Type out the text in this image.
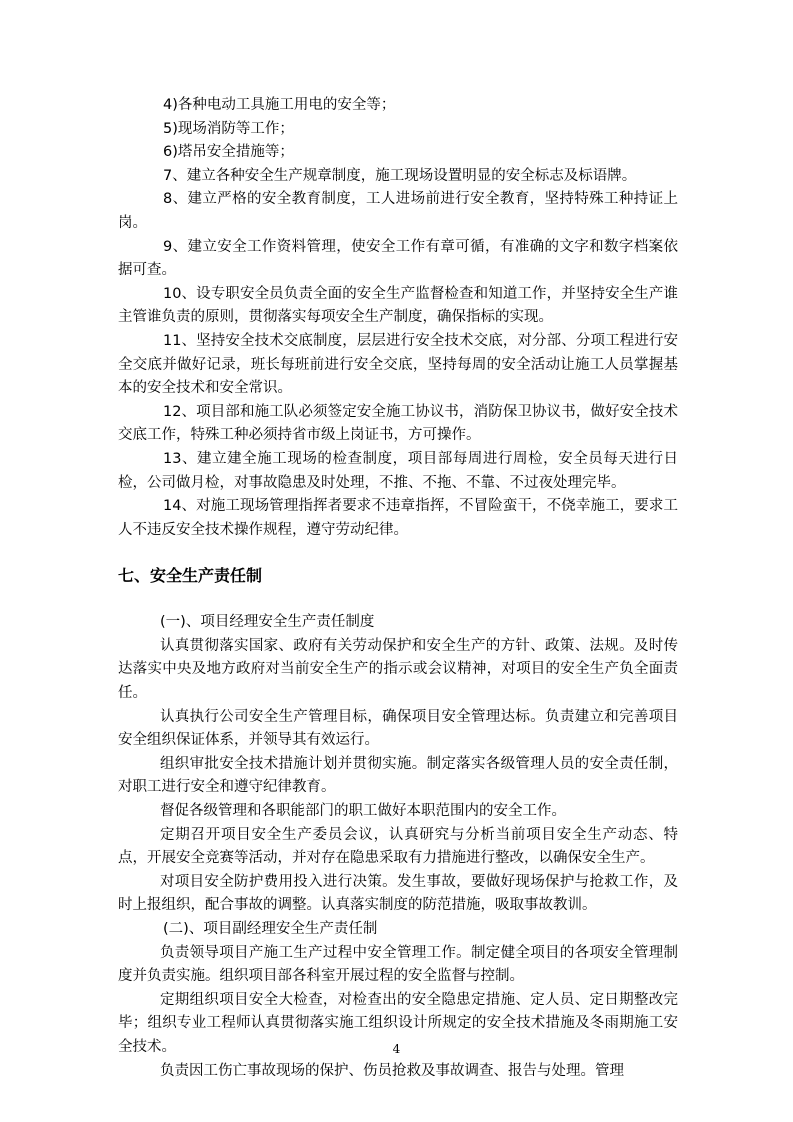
4)各种电动工具施工用电的安全等；

5)现场消防等工作；

6)塔吊安全措施等；

7、建立各种安全生产规章制度，施工现场设置明显的安全标志及标语牌。

8、建立严格的安全教育制度，工人进场前进行安全教育，坚持特殊工种持证上岗。

9、建立安全工作资料管理，使安全工作有章可循，有准确的文字和数字档案依 据可查。

10、设专职安全员负责全面的安全生产监督检查和知道工作，并坚持安全生产谁主管谁负责的原则，贯彻落实每项安全生产制度，确保指标的实现。

11、坚持安全技术交底制度，层层进行安全技术交底，对分部、分项工程进行安全交底并做好记录，班长每班前进行安全交底，坚持每周的安全活动让施工人员掌握基本的安全技术和安全常识。

12、项目部和施工队必须签定安全施工协议书，消防保卫协议书，做好安全技术交底工作，特殊工种必须持省市级上岗证书，方可操作。

13、建立建全施工现场的检查制度，项目部每周进行周检，安全员每天进行日检，公司做月检，对事故隐患及时处理，不推、不拖、不靠、不过夜处理完毕。

14、对施工现场管理指挥者要求不违章指挥，不冒险蛮干，不侥幸施工，要求工人不违反安全技术操作规程，遵守劳动纪律。

七、安全生产责任制

(一)、项目经理安全生产责任制度

认真贯彻落实国家、政府有关劳动保护和安全生产的方针、政策、法规。及时传达落实中央及地方政府对当前安全生产的指示或会议精神，对项目的安全生产负全面责任。

认真执行公司安全生产管理目标，确保项目安全管理达标。负责建立和完善项目安全组织保证体系，并领导其有效运行。

组织审批安全技术措施计划并贯彻实施。制定落实各级管理人员的安全责任制，对职工进行安全和遵守纪律教育。

督促各级管理和各职能部门的职工做好本职范围内的安全工作。

定期召开项目安全生产委员会议，认真研究与分析当前项目安全生产动态、特点，开展安全竞赛等活动，并对存在隐患采取有力措施进行整改，以确保安全生产。

对项目安全防护费用投入进行决策。发生事故，要做好现场保护与抢救工作，及时上报组织，配合事故的调整。认真落实制度的防范措施，吸取事故教训。

(二)、项目副经理安全生产责任制

负责领导项目产施工生产过程中安全管理工作。制定健全项目的各项安全管理制度并负责实施。组织项目部各科室开展过程的安全监督与控制。

定期组织项目安全大检查，对检查出的安全隐患定措施、定人员、定日期整改完毕；组织专业工程师认真贯彻落实施工组织设计所规定的安全技术措施及冬雨期施工安全技术。

负责因工伤亡事故现场的保护、伤员抢救及事故调查、报告与处理。管理

4
